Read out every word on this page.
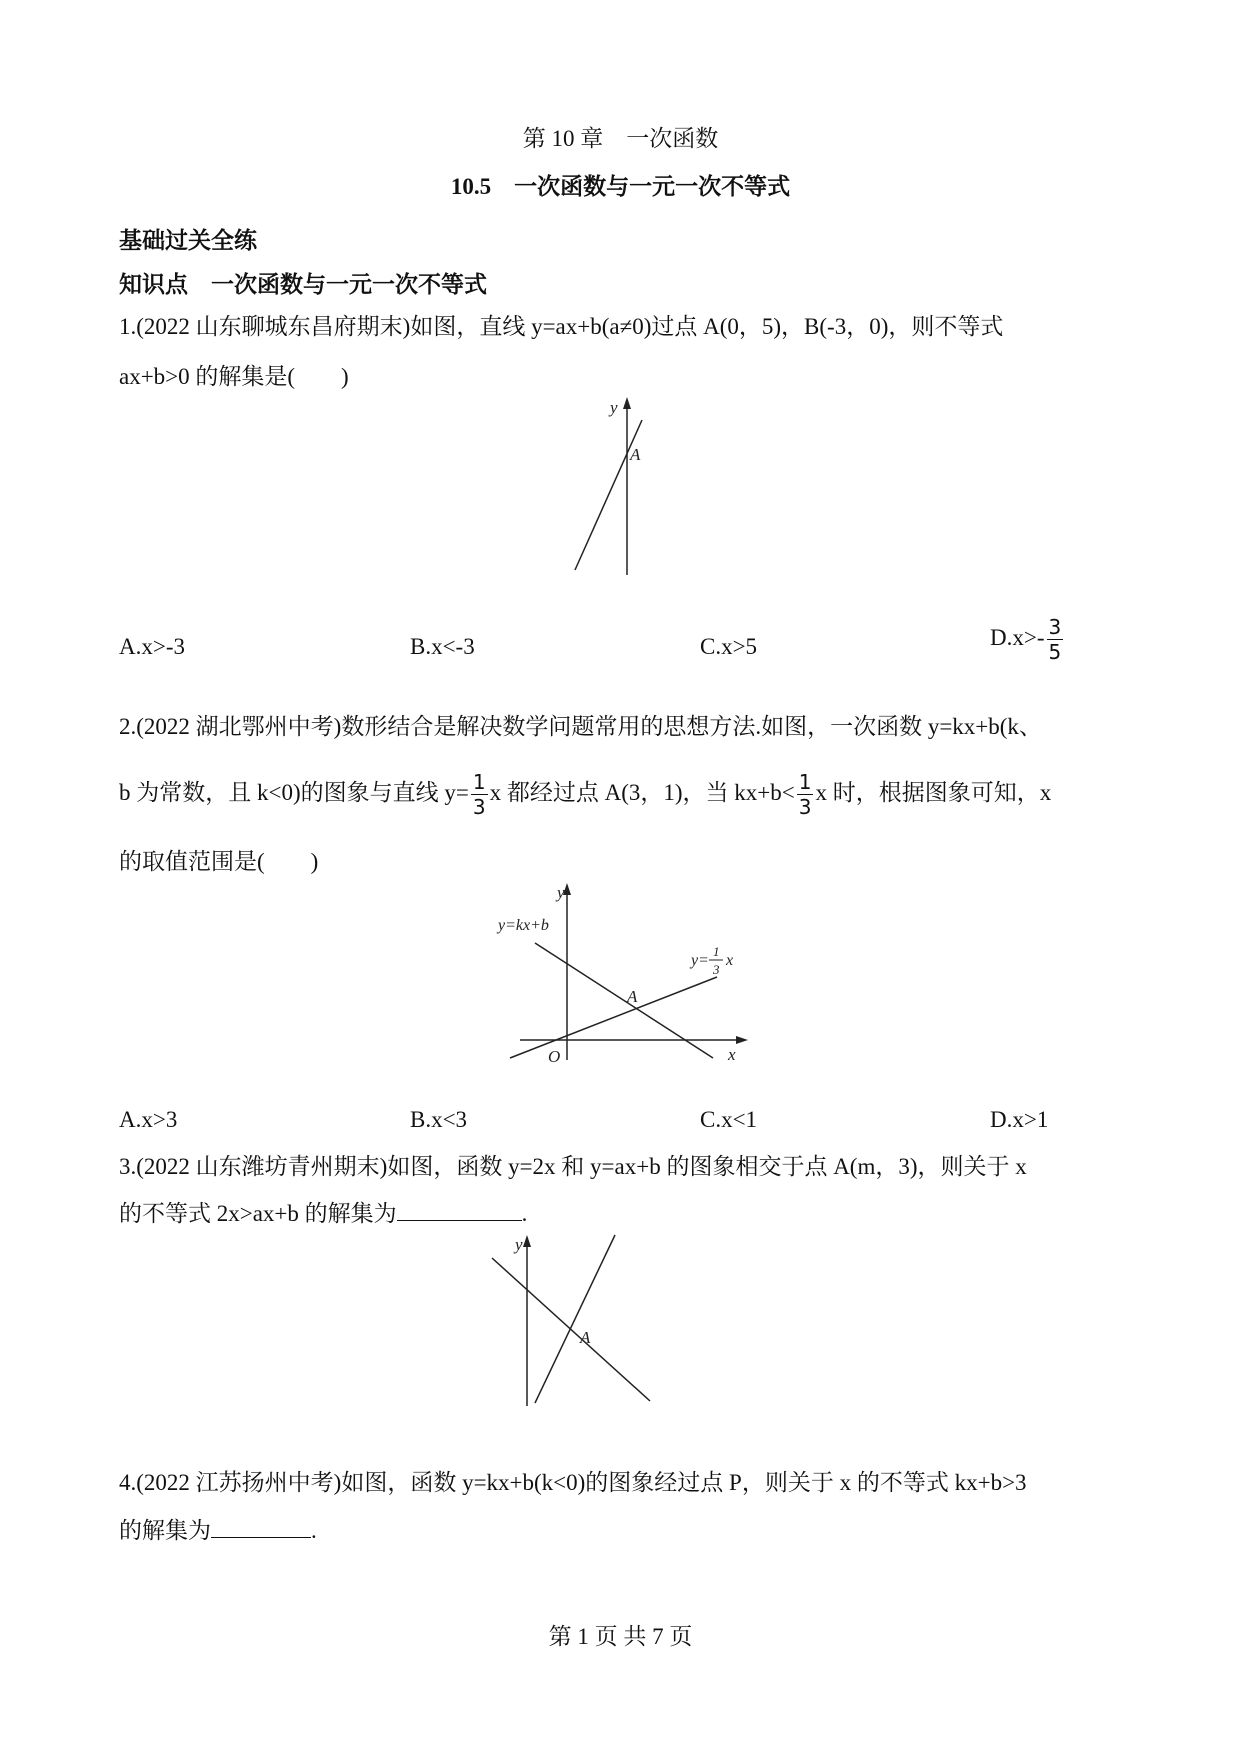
第 10 章　一次函数
10.5　一次函数与一元一次不等式
基础过关全练
知识点　一次函数与一元一次不等式
1.(2022 山东聊城东昌府期末)如图，直线 y=ax+b(a≠0)过点 A(0，5)，B(-3，0)，则不等式
ax+b>0 的解集是(　　)
y
A
A.x>-3	B.x<-3	C.x>5	$D.x>- \frac{3}{5}$
2.(2022 湖北鄂州中考)数形结合是解决数学问题常用的思想方法.如图，一次函数 y=kx+b(k、
b 为常数，且 k<0)的图象与直线 $y= \frac{1}{3}$ x 都经过点 A(3，1)，当 $kx+b< \frac{1}{3}$ x 时，根据图象可知，x
的取值范围是(　　)
y
x
O
A
y=kx+b
y=
1
3
x
A.x>3	B.x<3	C.x<1	D.x>1
3.(2022 山东潍坊青州期末)如图，函数 y=2x 和 y=ax+b 的图象相交于点 A(m，3)，则关于 x
的不等式 2x>ax+b 的解集为	.
y
A
4.(2022 江苏扬州中考)如图，函数 y=kx+b(k<0)的图象经过点 P，则关于 x 的不等式 kx+b>3
的解集为	.
第 1 页 共 7 页
